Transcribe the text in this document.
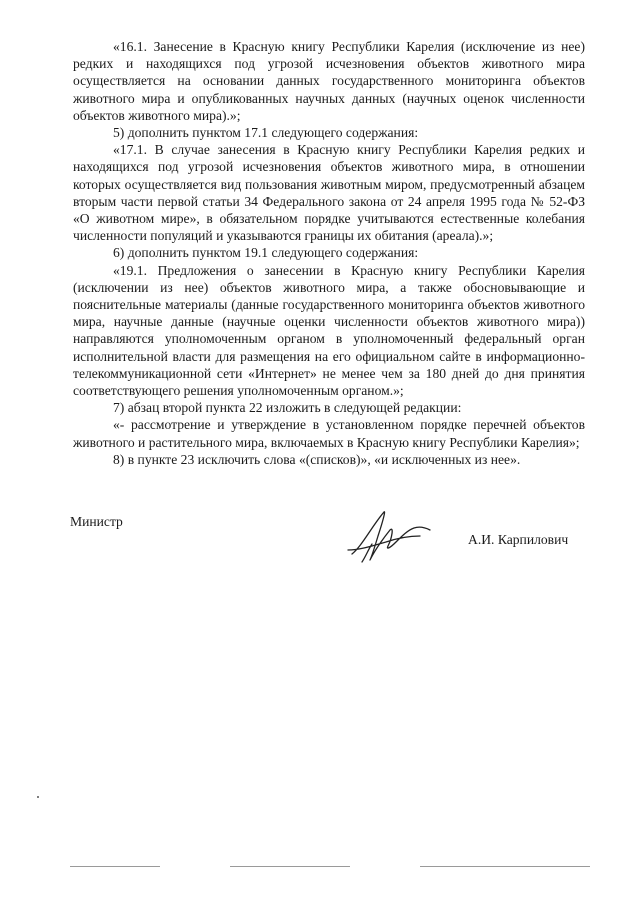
«16.1. Занесение в Красную книгу Республики Карелия (исключение из нее) редких и находящихся под угрозой исчезновения объектов животного мира осуществляется на основании данных государственного мониторинга объектов животного мира и опубликованных научных данных (научных оценок численности объектов животного мира).»;

5) дополнить пунктом 17.1 следующего содержания:

«17.1. В случае занесения в Красную книгу Республики Карелия редких и находящихся под угрозой исчезновения объектов животного мира, в отношении которых осуществляется вид пользования животным миром, предусмотренный абзацем вторым части первой статьи 34 Федерального закона от 24 апреля 1995 года № 52-ФЗ «О животном мире», в обязательном порядке учитываются естественные колебания численности популяций и указываются границы их обитания (ареала).»;

6) дополнить пунктом 19.1 следующего содержания:

«19.1. Предложения о занесении в Красную книгу Республики Карелия (исключении из нее) объектов животного мира, а также обосновывающие и пояснительные материалы (данные государственного мониторинга объектов животного мира, научные данные (научные оценки численности объектов животного мира)) направляются уполномоченным органом в уполномоченный федеральный орган исполнительной власти для размещения на его официальном сайте в информационно-телекоммуникационной сети «Интернет» не менее чем за 180 дней до дня принятия соответствующего решения уполномоченным органом.»;

7) абзац второй пункта 22 изложить в следующей редакции:

«- рассмотрение и утверждение в установленном порядке перечней объектов животного и растительного мира, включаемых в Красную книгу Республики Карелия»;

8) в пункте 23 исключить слова «(списков)», «и исключенных из нее».

Министр
А.И. Карпилович
